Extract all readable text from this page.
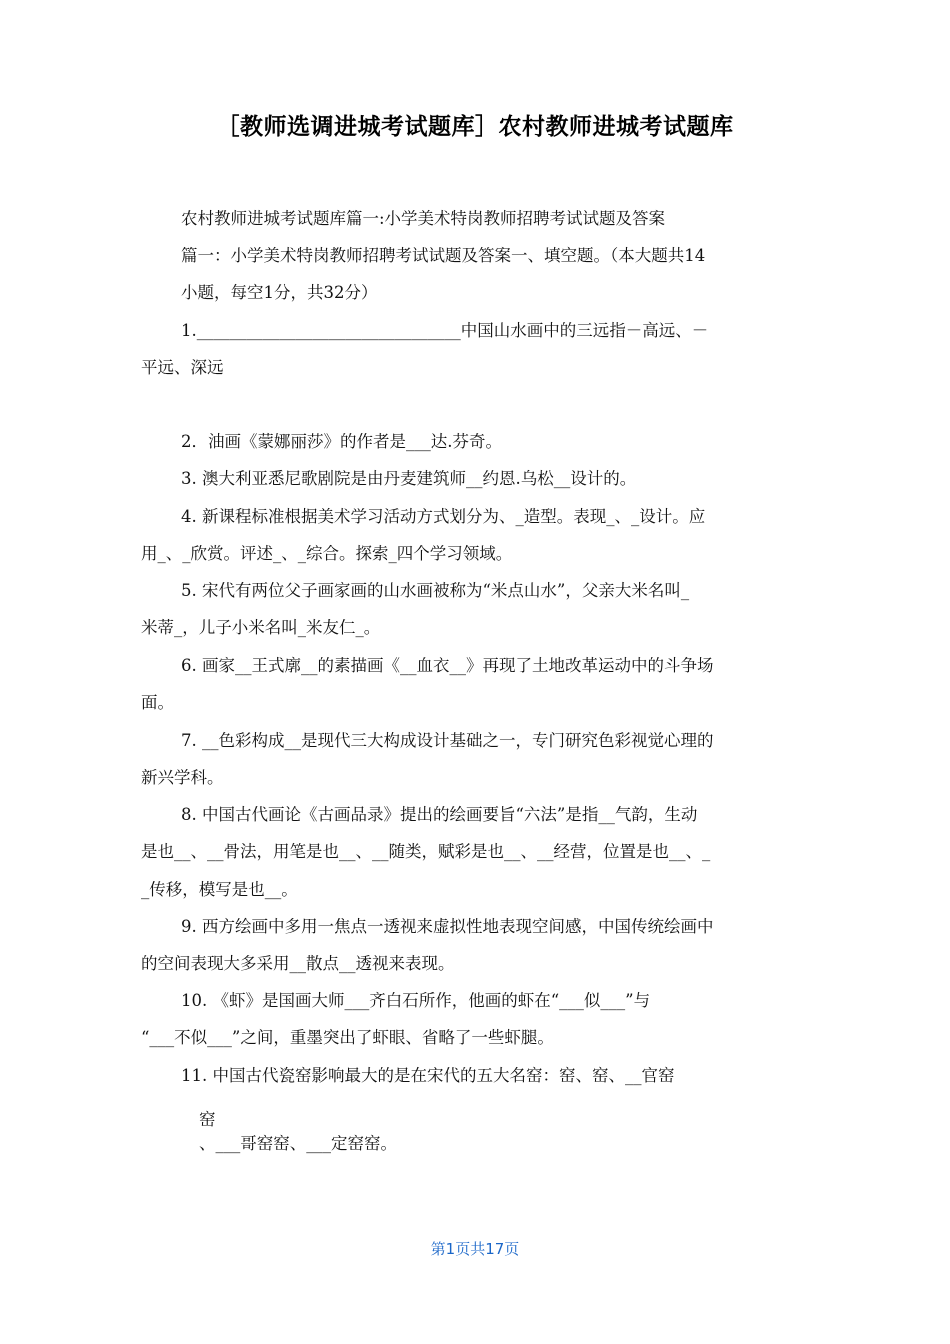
［教师选调进城考试题库］农村教师进城考试题库
农村教师进城考试题库篇一:小学美术特岗教师招聘考试试题及答案
篇一：小学美术特岗教师招聘考试试题及答案一、填空题。（本大题共14
小题，每空1分，共32分）
1.________________________________中国山水画中的三远指－高远、－
平远、深远
2．油画《蒙娜丽莎》的作者是___达.芬奇。
3. 澳大利亚悉尼歌剧院是由丹麦建筑师__约恩.乌松__设计的。
4. 新课程标准根据美术学习活动方式划分为、_造型。表现_、_设计。应
用_、_欣赏。评述_、_综合。探索_四个学习领域。
5. 宋代有两位父子画家画的山水画被称为“米点山水”，父亲大米名叫_
米蒂_，儿子小米名叫_米友仁_。
6. 画家__王式廓__的素描画《__血衣__》再现了土地改革运动中的斗争场
面。
7. __色彩构成__是现代三大构成设计基础之一，专门研究色彩视觉心理的
新兴学科。
8. 中国古代画论《古画品录》提出的绘画要旨“六法”是指__气韵，生动
是也__、__骨法，用笔是也__、__随类，赋彩是也__、__经营，位置是也__、_
_传移，模写是也__。
9. 西方绘画中多用一焦点一透视来虚拟性地表现空间感，中国传统绘画中
的空间表现大多采用__散点__透视来表现。
10. 《虾》是国画大师___齐白石所作，他画的虾在“___似___”与
“___不似___”之间，重墨突出了虾眼、省略了一些虾腿。
11. 中国古代瓷窑影响最大的是在宋代的五大名窑：窑、窑、__官窑
窑
、___哥窑窑、___定窑窑。
第1页共17页
